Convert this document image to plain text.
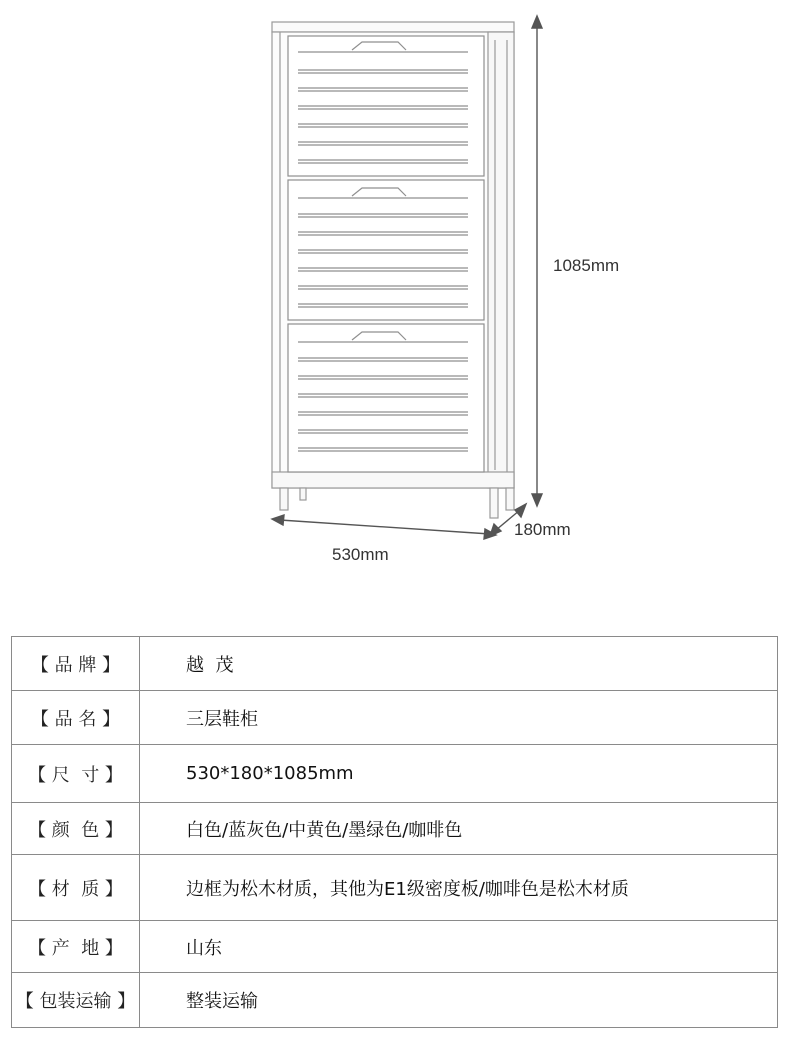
1085mm
180mm
530mm
【 品 牌 】	越  茂
【 品 名 】	三层鞋柜
【 尺  寸 】	530*180*1085mm
【 颜  色 】	白色/蓝灰色/中黄色/墨绿色/咖啡色
【 材  质 】	边框为松木材质，其他为E1级密度板/咖啡色是松木材质
【 产  地 】	山东
【 包装运输 】	整装运输
